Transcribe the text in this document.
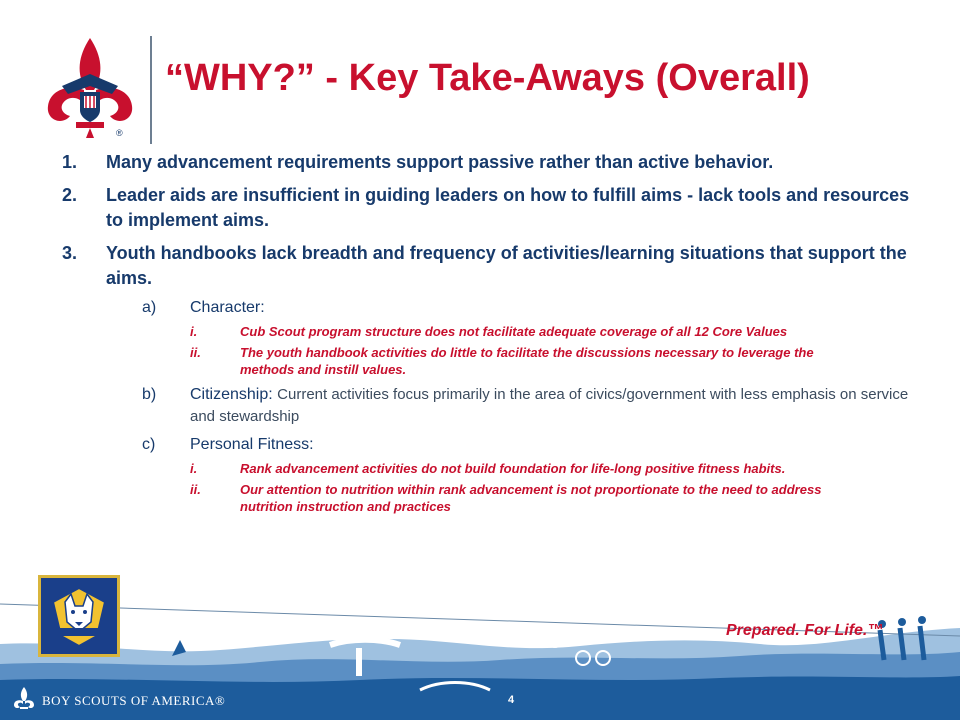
®
“WHY?” - Key Take-Aways (Overall)
1.	Many advancement requirements support passive rather than active behavior.
2.	Leader aids are insufficient in guiding leaders on how to fulfill aims - lack tools and resources to implement aims.
3.	Youth handbooks lack breadth and frequency of activities/learning situations that support the aims.
a)	Character:
i.	Cub Scout program structure does not facilitate adequate coverage of all 12 Core Values
ii.	The youth handbook activities do little to facilitate the discussions necessary to leverage the methods and instill values.
b)	Citizenship: Current activities focus primarily in the area of civics/government with less emphasis on service and stewardship
c)	Personal Fitness:
i.	Rank advancement activities do not build foundation for life-long positive fitness habits.
ii.	Our attention to nutrition within rank advancement is not proportionate to the need to address nutrition instruction and practices
Prepared. For Life.™
BOY SCOUTS OF AMERICA®	4
